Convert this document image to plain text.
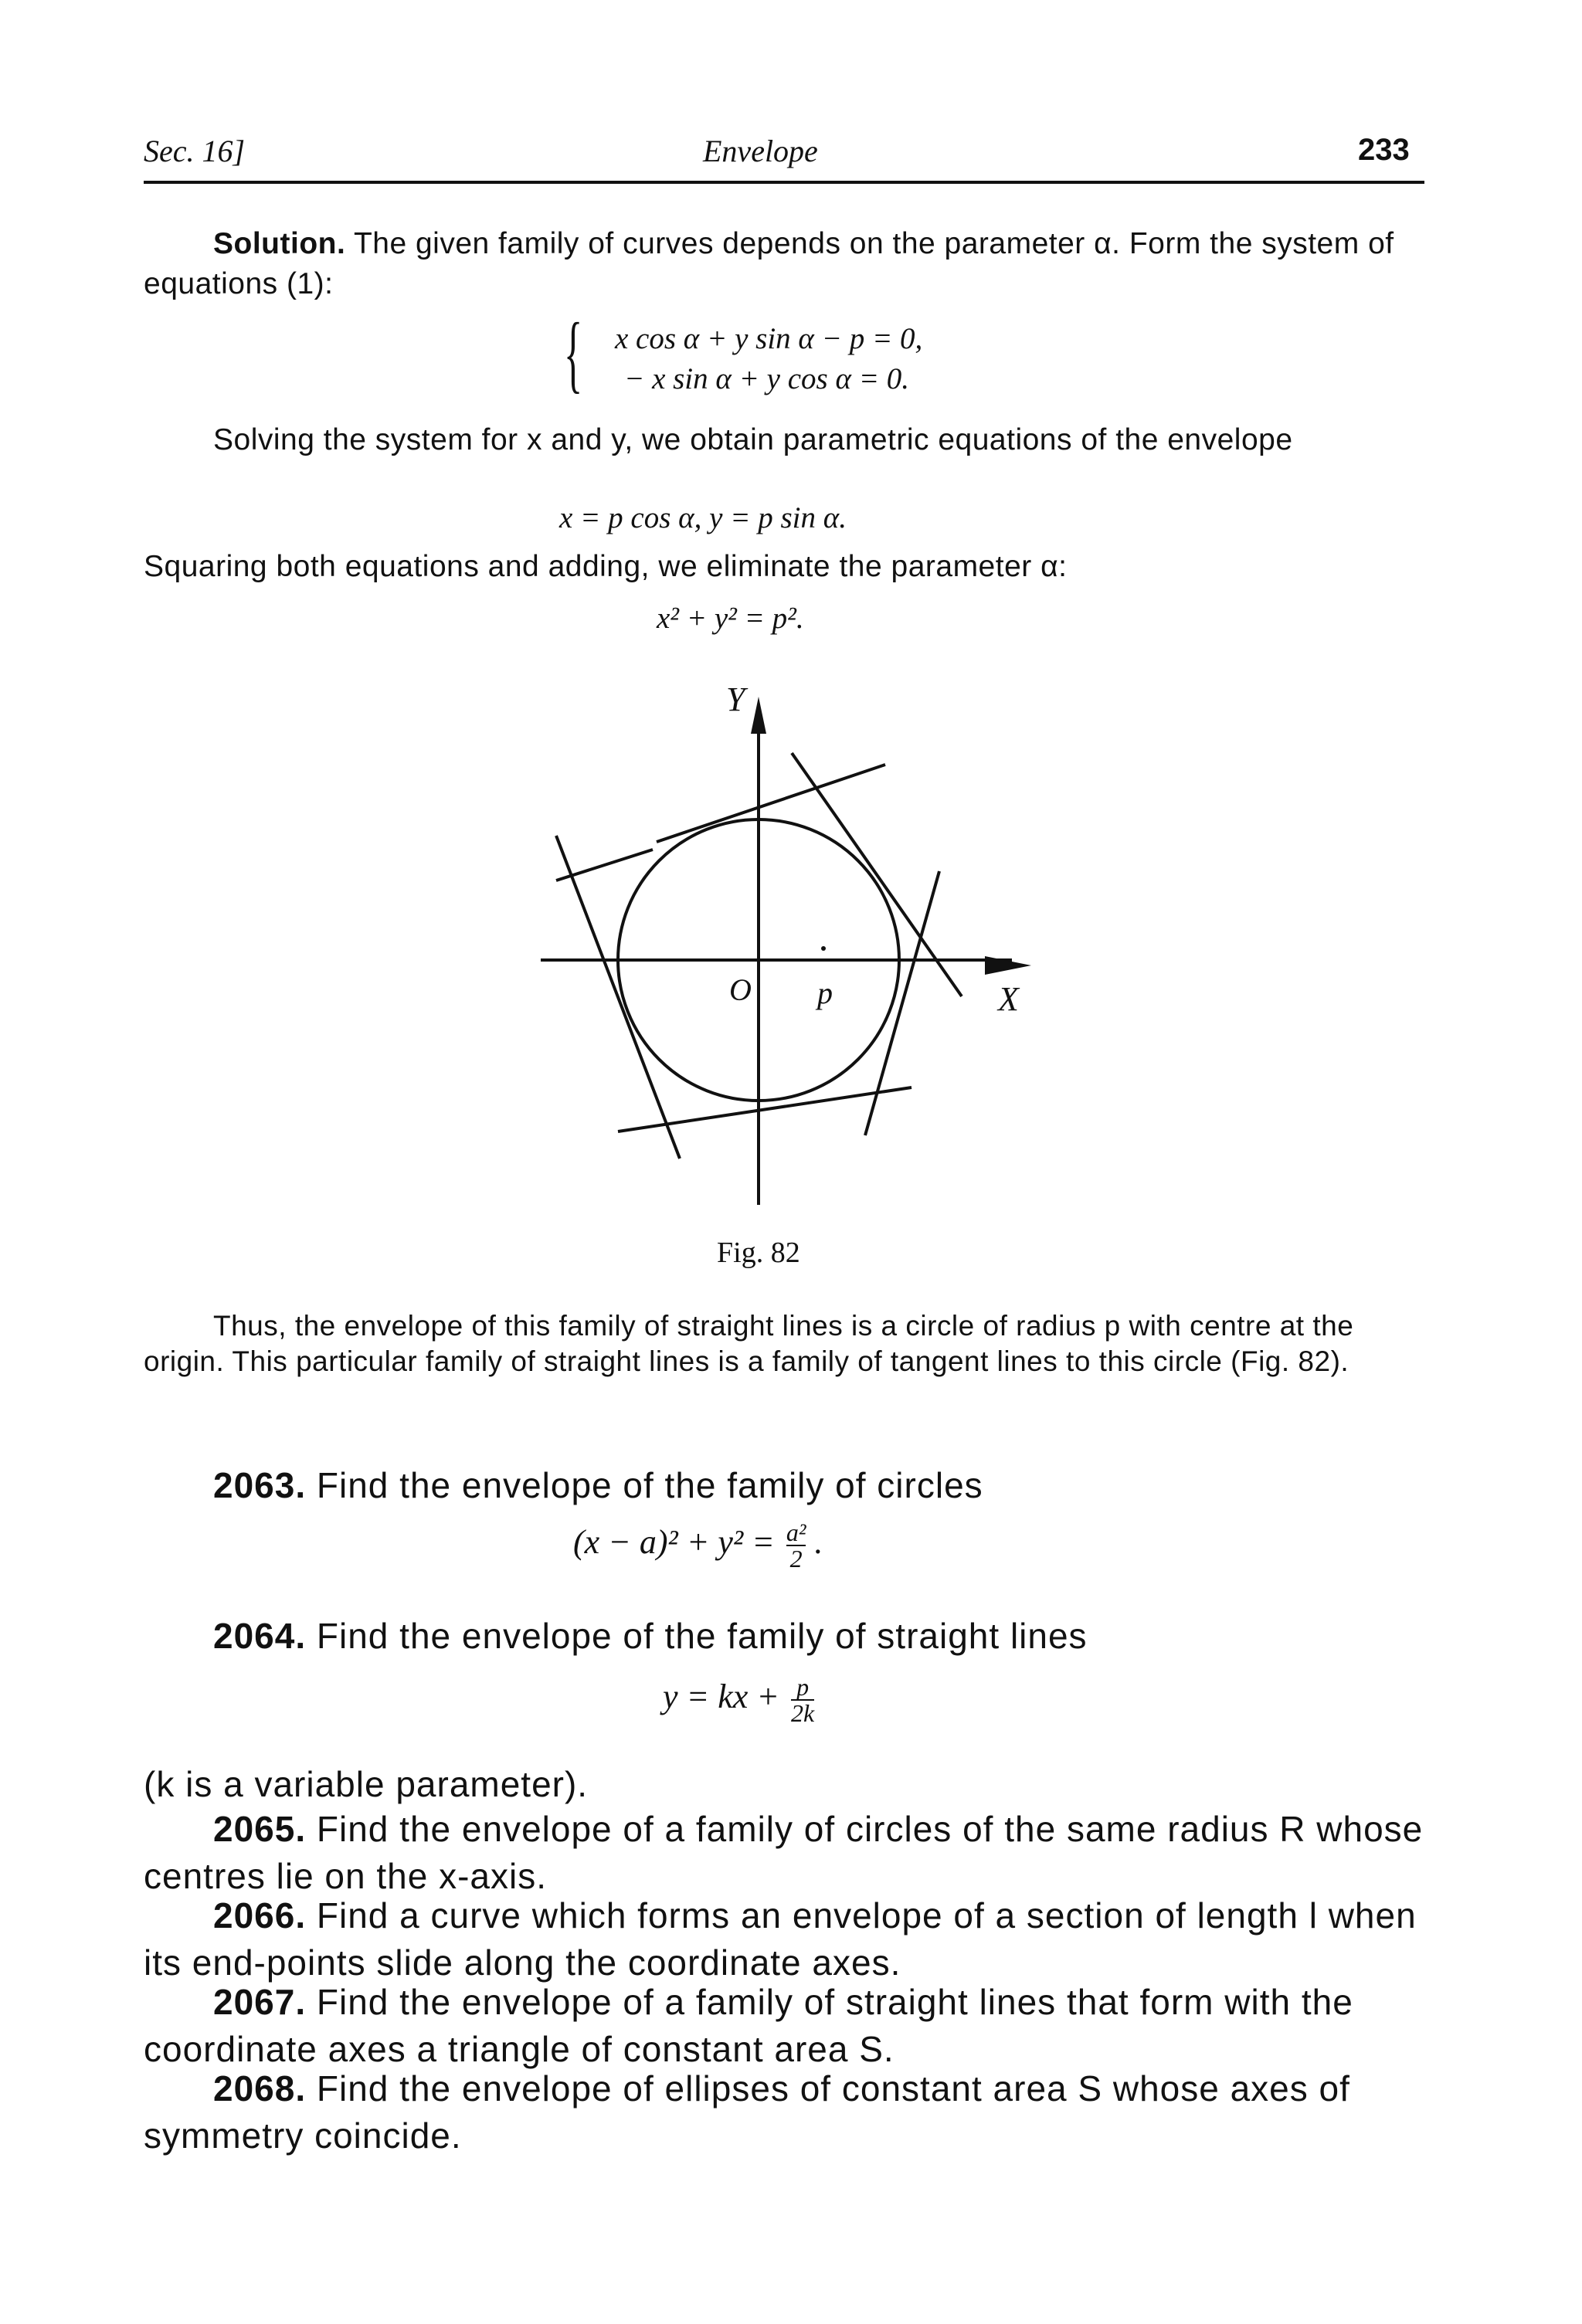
Sec. 16]	Envelope	233
Solution. The given family of curves depends on the parameter α. Form the system of equations (1):
{ x cos α + y sin α − p = 0,
− x sin α + y cos α = 0.
Solving the system for x and y, we obtain parametric equations of the envelope
x = p cos α, y = p sin α.
Squaring both equations and adding, we eliminate the parameter α:
x² + y² = p².
Y
X
O p
Fig. 82
Thus, the envelope of this family of straight lines is a circle of radius p with centre at the origin. This particular family of straight lines is a family of tangent lines to this circle (Fig. 82).
2063. Find the envelope of the family of circles
$(x - a)^2 + y^2 = \frac{\text{a²}}{2}$ .
2064. Find the envelope of the family of straight lines
y = kx + $\frac{p}{2k}$
(k is a variable parameter).
2065. Find the envelope of a family of circles of the same radius R whose centres lie on the x-axis.
2066. Find a curve which forms an envelope of a section of length l when its end-points slide along the coordinate axes.
2067. Find the envelope of a family of straight lines that form with the coordinate axes a triangle of constant area S.
2068. Find the envelope of ellipses of constant area S whose axes of symmetry coincide.
